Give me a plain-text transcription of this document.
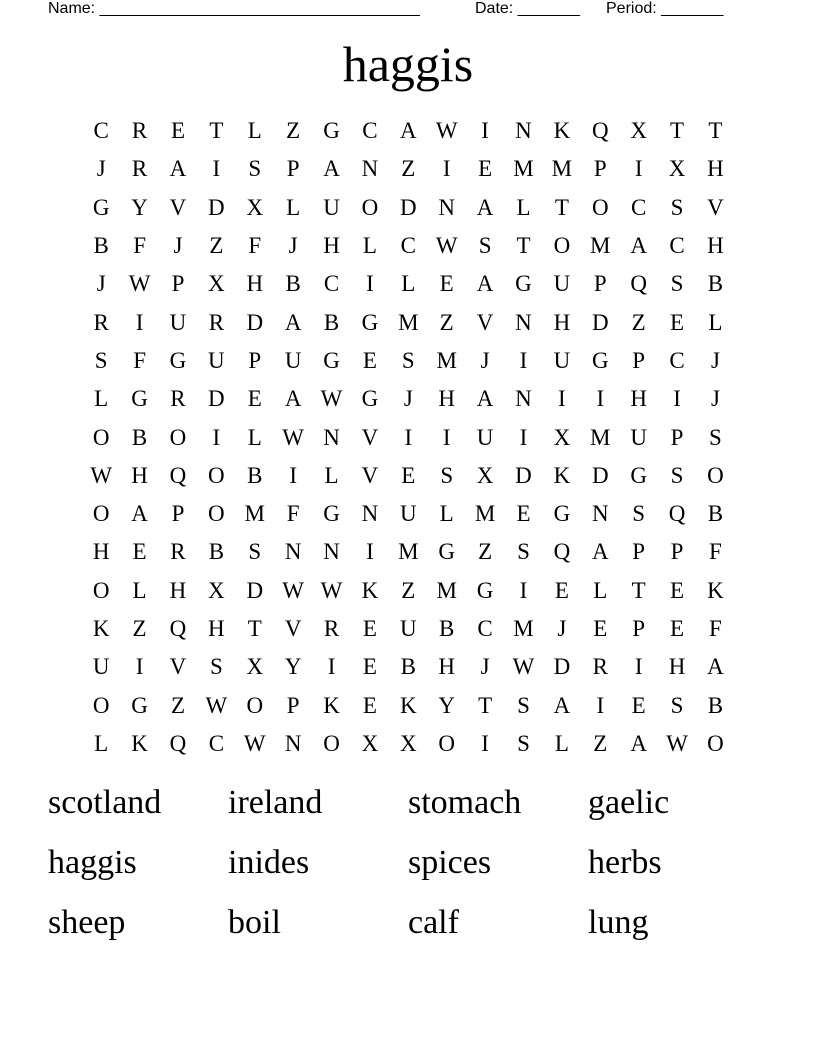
Name: ____________________________________	Date: _______ Period: _______
haggis
C	R	E	T	L	Z	G C A W	I	N K Q X	T	T
J	R A	I	S	P	A N	Z	I	E M M P	I	X H
G Y V D X	L	U O D N A	L	T	O C	S	V
B	F	J	Z	F	J	H	L	C W S	T	O M A C H
J	W P	X H B	C	I	L	E	A G U	P	Q	S	B
R	I	U R D A B G M Z	V N H D	Z	E	L
S	F	G U	P	U G	E	S M	J	I	U G	P	C	J
L	G R D	E	A W G	J	H A N	I	I	H	I	J
O B O	I	L W N V	I	I	U	I	X M U	P	S
W H Q O B	I	L	V	E	S	X D K D G	S	O
O A	P	O M F	G N U	L M E	G N	S	Q B
H	E	R	B	S	N N	I	M G	Z	S	Q A	P	P	F
O	L	H X D W W K	Z M G	I	E	L	T	E	K
K	Z	Q H	T	V R	E	U B	C M	J	E	P	E	F
U	I	V	S	X Y	I	E	B H	J	W D R	I	H A
O G	Z W O	P	K	E	K Y	T	S	A	I	E	S	B
L	K Q C W N O X X O	I	S	L	Z	A W O
scotland	ireland	stomach	gaelic
haggis	inides	spices	herbs
sheep	boil	calf	lung
